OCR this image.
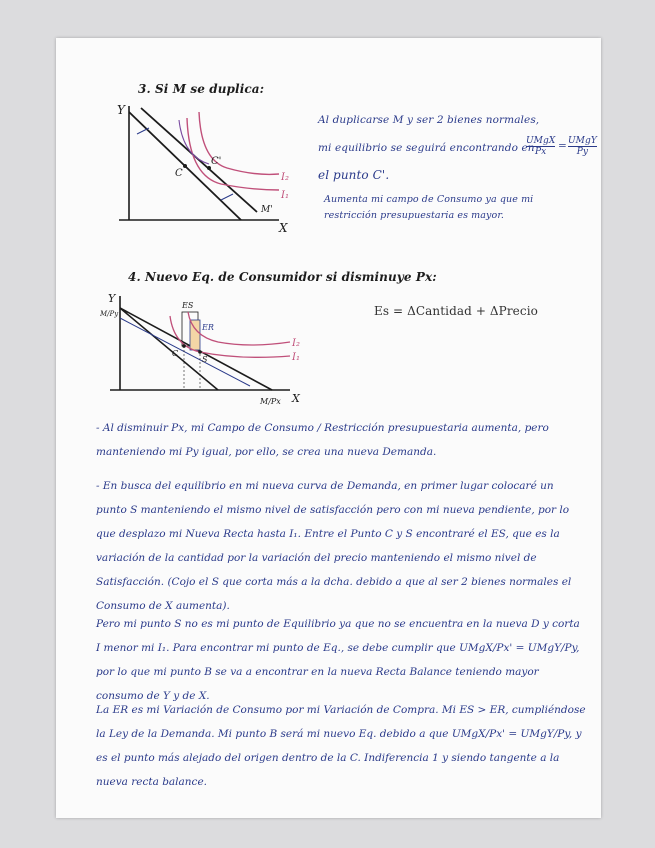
3. Si M se duplica:
Y
X
C
C'
I₁
I₂
M'
Al duplicarse M y ser 2 bienes normales,
mi equilibrio se seguirá encontrando en
UMgX
Px	= UMgY
Py
el punto C'.
Aumenta mi campo de Consumo ya que mi
restricción presupuestaria es mayor.
4. Nuevo Eq. de Consumidor si disminuye Px:
Y
X
M/Py
M/Px
ES
ER
I₁
I₂
C
S
Es = ΔCantidad + ΔPrecio
- Al disminuir Px, mi Campo de Consumo / Restricción presupuestaria aumenta, pero manteniendo mi Py igual, por ello, se crea una nueva Demanda.
- En busca del equilibrio en mi nueva curva de Demanda, en primer lugar colocaré un punto S manteniendo el mismo nivel de satisfacción pero con mi nueva pendiente, por lo que desplazo mi Nueva Recta hasta I₁. Entre el Punto C y S encontraré el ES, que es la variación de la cantidad por la variación del precio manteniendo el mismo nivel de Satisfacción. (Cojo el S que corta más a la dcha. debido a que al ser 2 bienes normales el Consumo de X aumenta).
Pero mi punto S no es mi punto de Equilibrio ya que no se encuentra en la nueva D y corta I menor mi I₁. Para encontrar mi punto de Eq., se debe cumplir que UMgX/Px' = UMgY/Py, por lo que mi punto B se va a encontrar en la nueva Recta Balance teniendo mayor consumo de Y y de X.
La ER es mi Variación de Consumo por mi Variación de Compra. Mi ES > ER, cumpliéndose la Ley de la Demanda. Mi punto B será mi nuevo Eq. debido a que UMgX/Px' = UMgY/Py, y es el punto más alejado del origen dentro de la C. Indiferencia 1 y siendo tangente a la nueva recta balance.
